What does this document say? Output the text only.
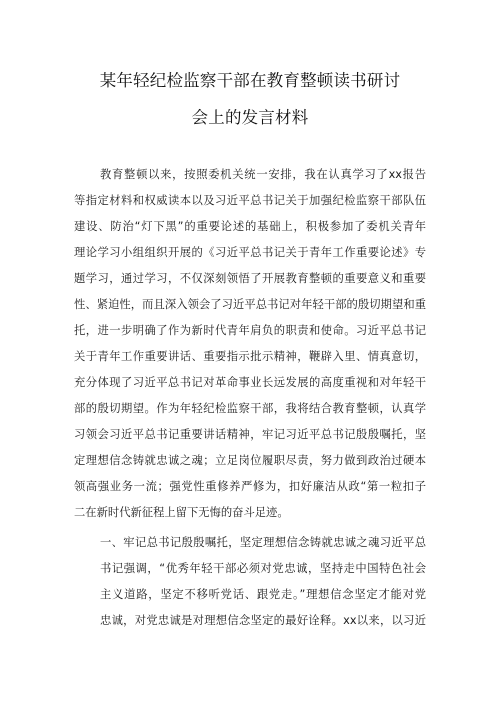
某年轻纪检监察干部在教育整顿读书研讨
会上的发言材料
教育整顿以来，按照委机关统一安排，我在认真学习了xx报告
等指定材料和权威读本以及习近平总书记关于加强纪检监察干部队伍
建设、防治“灯下黑”的重要论述的基础上，积极参加了委机关青年
理论学习小组组织开展的《习近平总书记关于青年工作重要论述》专
题学习，通过学习，不仅深刻领悟了开展教育整顿的重要意义和重要
性、紧迫性，而且深入领会了习近平总书记对年轻干部的殷切期望和重
托，进一步明确了作为新时代青年肩负的职责和使命。习近平总书记
关于青年工作重要讲话、重要指示批示精神，鞭辟入里、情真意切，
充分体现了习近平总书记对革命事业长远发展的高度重视和对年轻干
部的殷切期望。作为年轻纪检监察干部，我将结合教育整顿，认真学
习领会习近平总书记重要讲话精神，牢记习近平总书记殷殷嘱托，坚
定理想信念铸就忠诚之魂；立足岗位履职尽责，努力做到政治过硬本
领高强业务一流；强党性重修养严修为，扣好廉洁从政“第一粒扣子
二在新时代新征程上留下无悔的奋斗足迹。
一、牢记总书记殷殷嘱托，坚定理想信念铸就忠诚之魂习近平总
书记强调，“优秀年轻干部必须对党忠诚，坚持走中国特色社会
主义道路，坚定不移听党话、跟党走。”理想信念坚定才能对党
忠诚，对党忠诚是对理想信念坚定的最好诠释。xx以来，以习近
